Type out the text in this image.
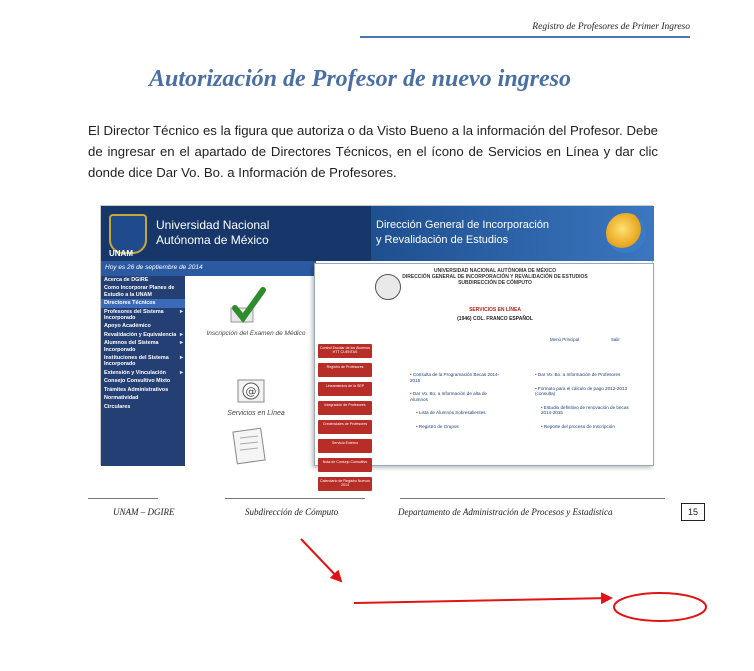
Registro de Profesores de Primer Ingreso
Autorización de Profesor de nuevo ingreso
El Director Técnico es la figura que autoriza o da Visto Bueno a la información del Profesor. Debe de ingresar en el apartado de Directores Técnicos, en el ícono de Servicios en Línea y dar clic donde dice Dar Vo. Bo. a Información de Profesores.
UNAM
Universidad Nacional
Autónoma de México
Dirección General de Incorporación
y Revalidación de Estudios
Hoy es 26 de septiembre de 2014
Acerca de DGIRE
Como Incorporar Planes de Estudio a la UNAM
Directores Técnicos
Profesores del Sistema Incorporado
▸
Apoyo Académico
Revalidación y Equivalencia ▸
Alumnos del Sistema Incorporado
▸
Instituciones del Sistema Incorporado
▸
Extensión y Vinculación ▸
Consejo Consultivo Mixto
Trámites Administrativos
Normatividad
Circulares
Inscripción del Examen de Médico
@
Servicios en Línea
UNIVERSIDAD NACIONAL AUTÓNOMA DE MÉXICO
DIRECCIÓN GENERAL DE INCORPORACIÓN Y REVALIDACIÓN DE ESTUDIOS
SUBDIRECCIÓN DE CÓMPUTO
SERVICIOS EN LÍNEA
(1946) COL. FRANCO ESPAÑOL
Menú Principal	Salir
Control Escolar de los Alumnos HTT CUENTAS
Registro de Profesores
Lineamientos de la SEP
Integración de Profesores
Credenciales de Profesores
Servicio Externo
Nota de Consejo Consultivo
Calendario de Registro Nuevos 2014
• Consulta de la Programación Becas 2014-2015
• Dar Vo. Bo. a Información de alta de Alumnos
• Lista de Alumnos Sobresalientes
• Registro de Grupos
• Dar Vo. Bo. a Información de Profesores
• Formato para el cálculo de pago 2012-2013 (consulta)
• Estudio definitivo de renovación de becas 2014-2015
• Reporte del proceso de Inscripción
UNAM – DGIRE	Subdirección de Cómputo	Departamento de Administración de Procesos y Estadística	15
